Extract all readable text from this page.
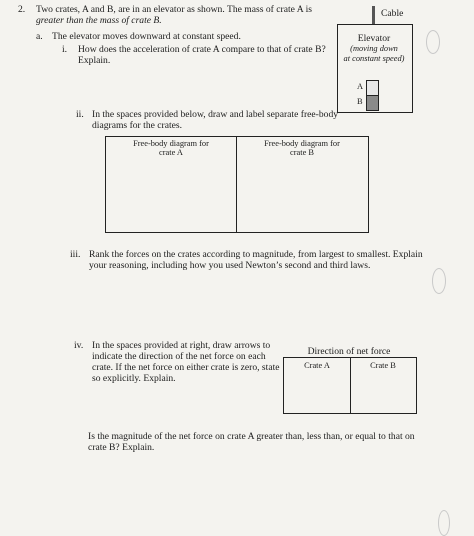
2. Two crates, A and B, are in an elevator as shown. The mass of crate A is
greater than the mass of crate B.
Cable
Elevator
(moving down
at constant speed)
A
B
a. The elevator moves downward at constant speed.
i. How does the acceleration of crate A compare to that of crate B?
Explain.
ii. In the spaces provided below, draw and label separate free-body
diagrams for the crates.
Free-body diagram for
crate A
Free-body diagram for
crate B
iii. Rank the forces on the crates according to magnitude, from largest to smallest. Explain
your reasoning, including how you used Newton’s second and third laws.
iv. In the spaces provided at right, draw arrows to
indicate the direction of the net force on each
crate. If the net force on either crate is zero, state
so explicitly. Explain.
Direction of net force
Crate A	Crate B
Is the magnitude of the net force on crate A greater than, less than, or equal to that on
crate B? Explain.
